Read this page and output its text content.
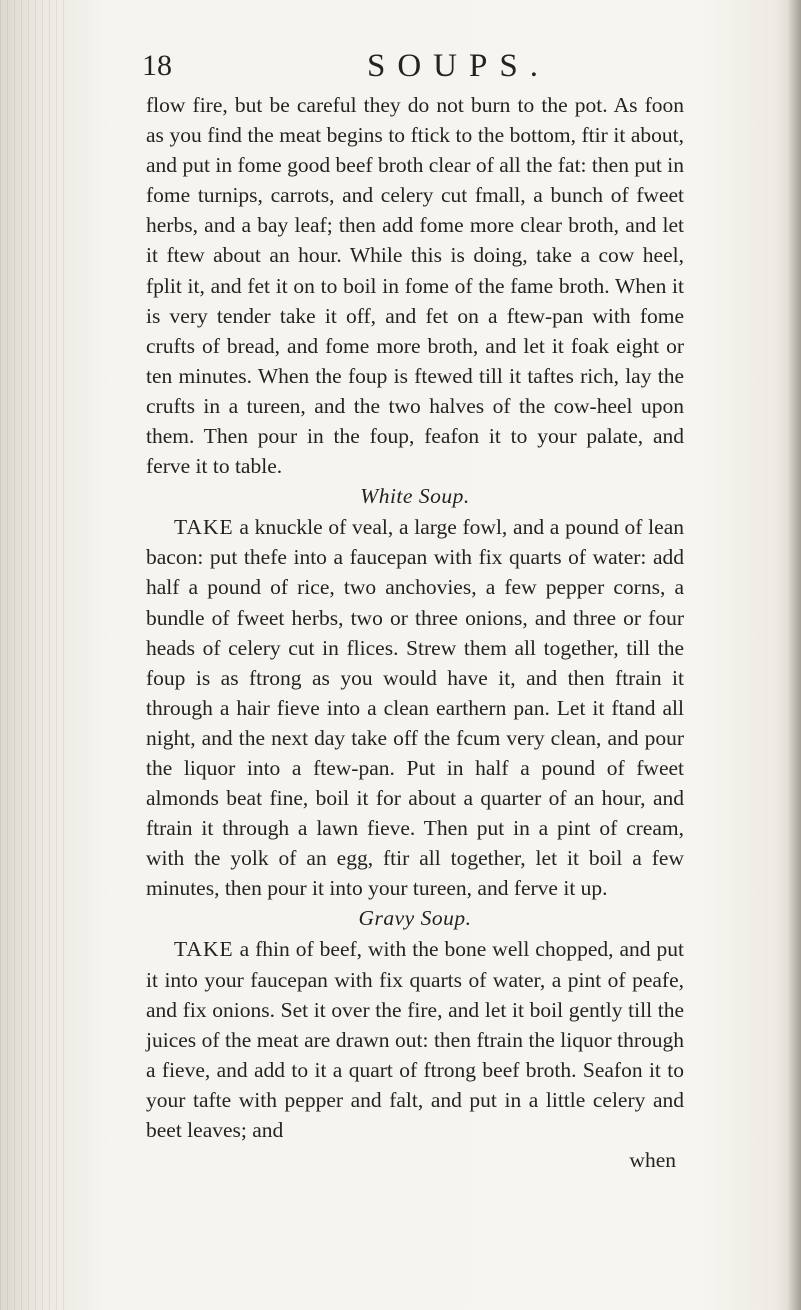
18	SOUPS.

flow fire, but be careful they do not burn to the pot. As foon as you find the meat begins to ftick to the bottom, ftir it about, and put in fome good beef broth clear of all the fat: then put in fome turnips, carrots, and celery cut fmall, a bunch of fweet herbs, and a bay leaf; then add fome more clear broth, and let it ftew about an hour. While this is doing, take a cow heel, fplit it, and fet it on to boil in fome of the fame broth. When it is very tender take it off, and fet on a ftew-pan with fome crufts of bread, and fome more broth, and let it foak eight or ten minutes. When the foup is ftewed till it taftes rich, lay the crufts in a tureen, and the two halves of the cow-heel upon them. Then pour in the foup, feafon it to your palate, and ferve it to table.

White Soup.

TAKE a knuckle of veal, a large fowl, and a pound of lean bacon: put thefe into a faucepan with fix quarts of water: add half a pound of rice, two anchovies, a few pepper corns, a bundle of fweet herbs, two or three onions, and three or four heads of celery cut in flices. Strew them all together, till the foup is as ftrong as you would have it, and then ftrain it through a hair fieve into a clean earthern pan. Let it ftand all night, and the next day take off the fcum very clean, and pour the liquor into a ftew-pan. Put in half a pound of fweet almonds beat fine, boil it for about a quarter of an hour, and ftrain it through a lawn fieve. Then put in a pint of cream, with the yolk of an egg, ftir all together, let it boil a few minutes, then pour it into your tureen, and ferve it up.

Gravy Soup.

TAKE a fhin of beef, with the bone well chopped, and put it into your faucepan with fix quarts of water, a pint of peafe, and fix onions. Set it over the fire, and let it boil gently till the juices of the meat are drawn out: then ftrain the liquor through a fieve, and add to it a quart of ftrong beef broth. Seafon it to your tafte with pepper and falt, and put in a little celery and beet leaves; and

when
